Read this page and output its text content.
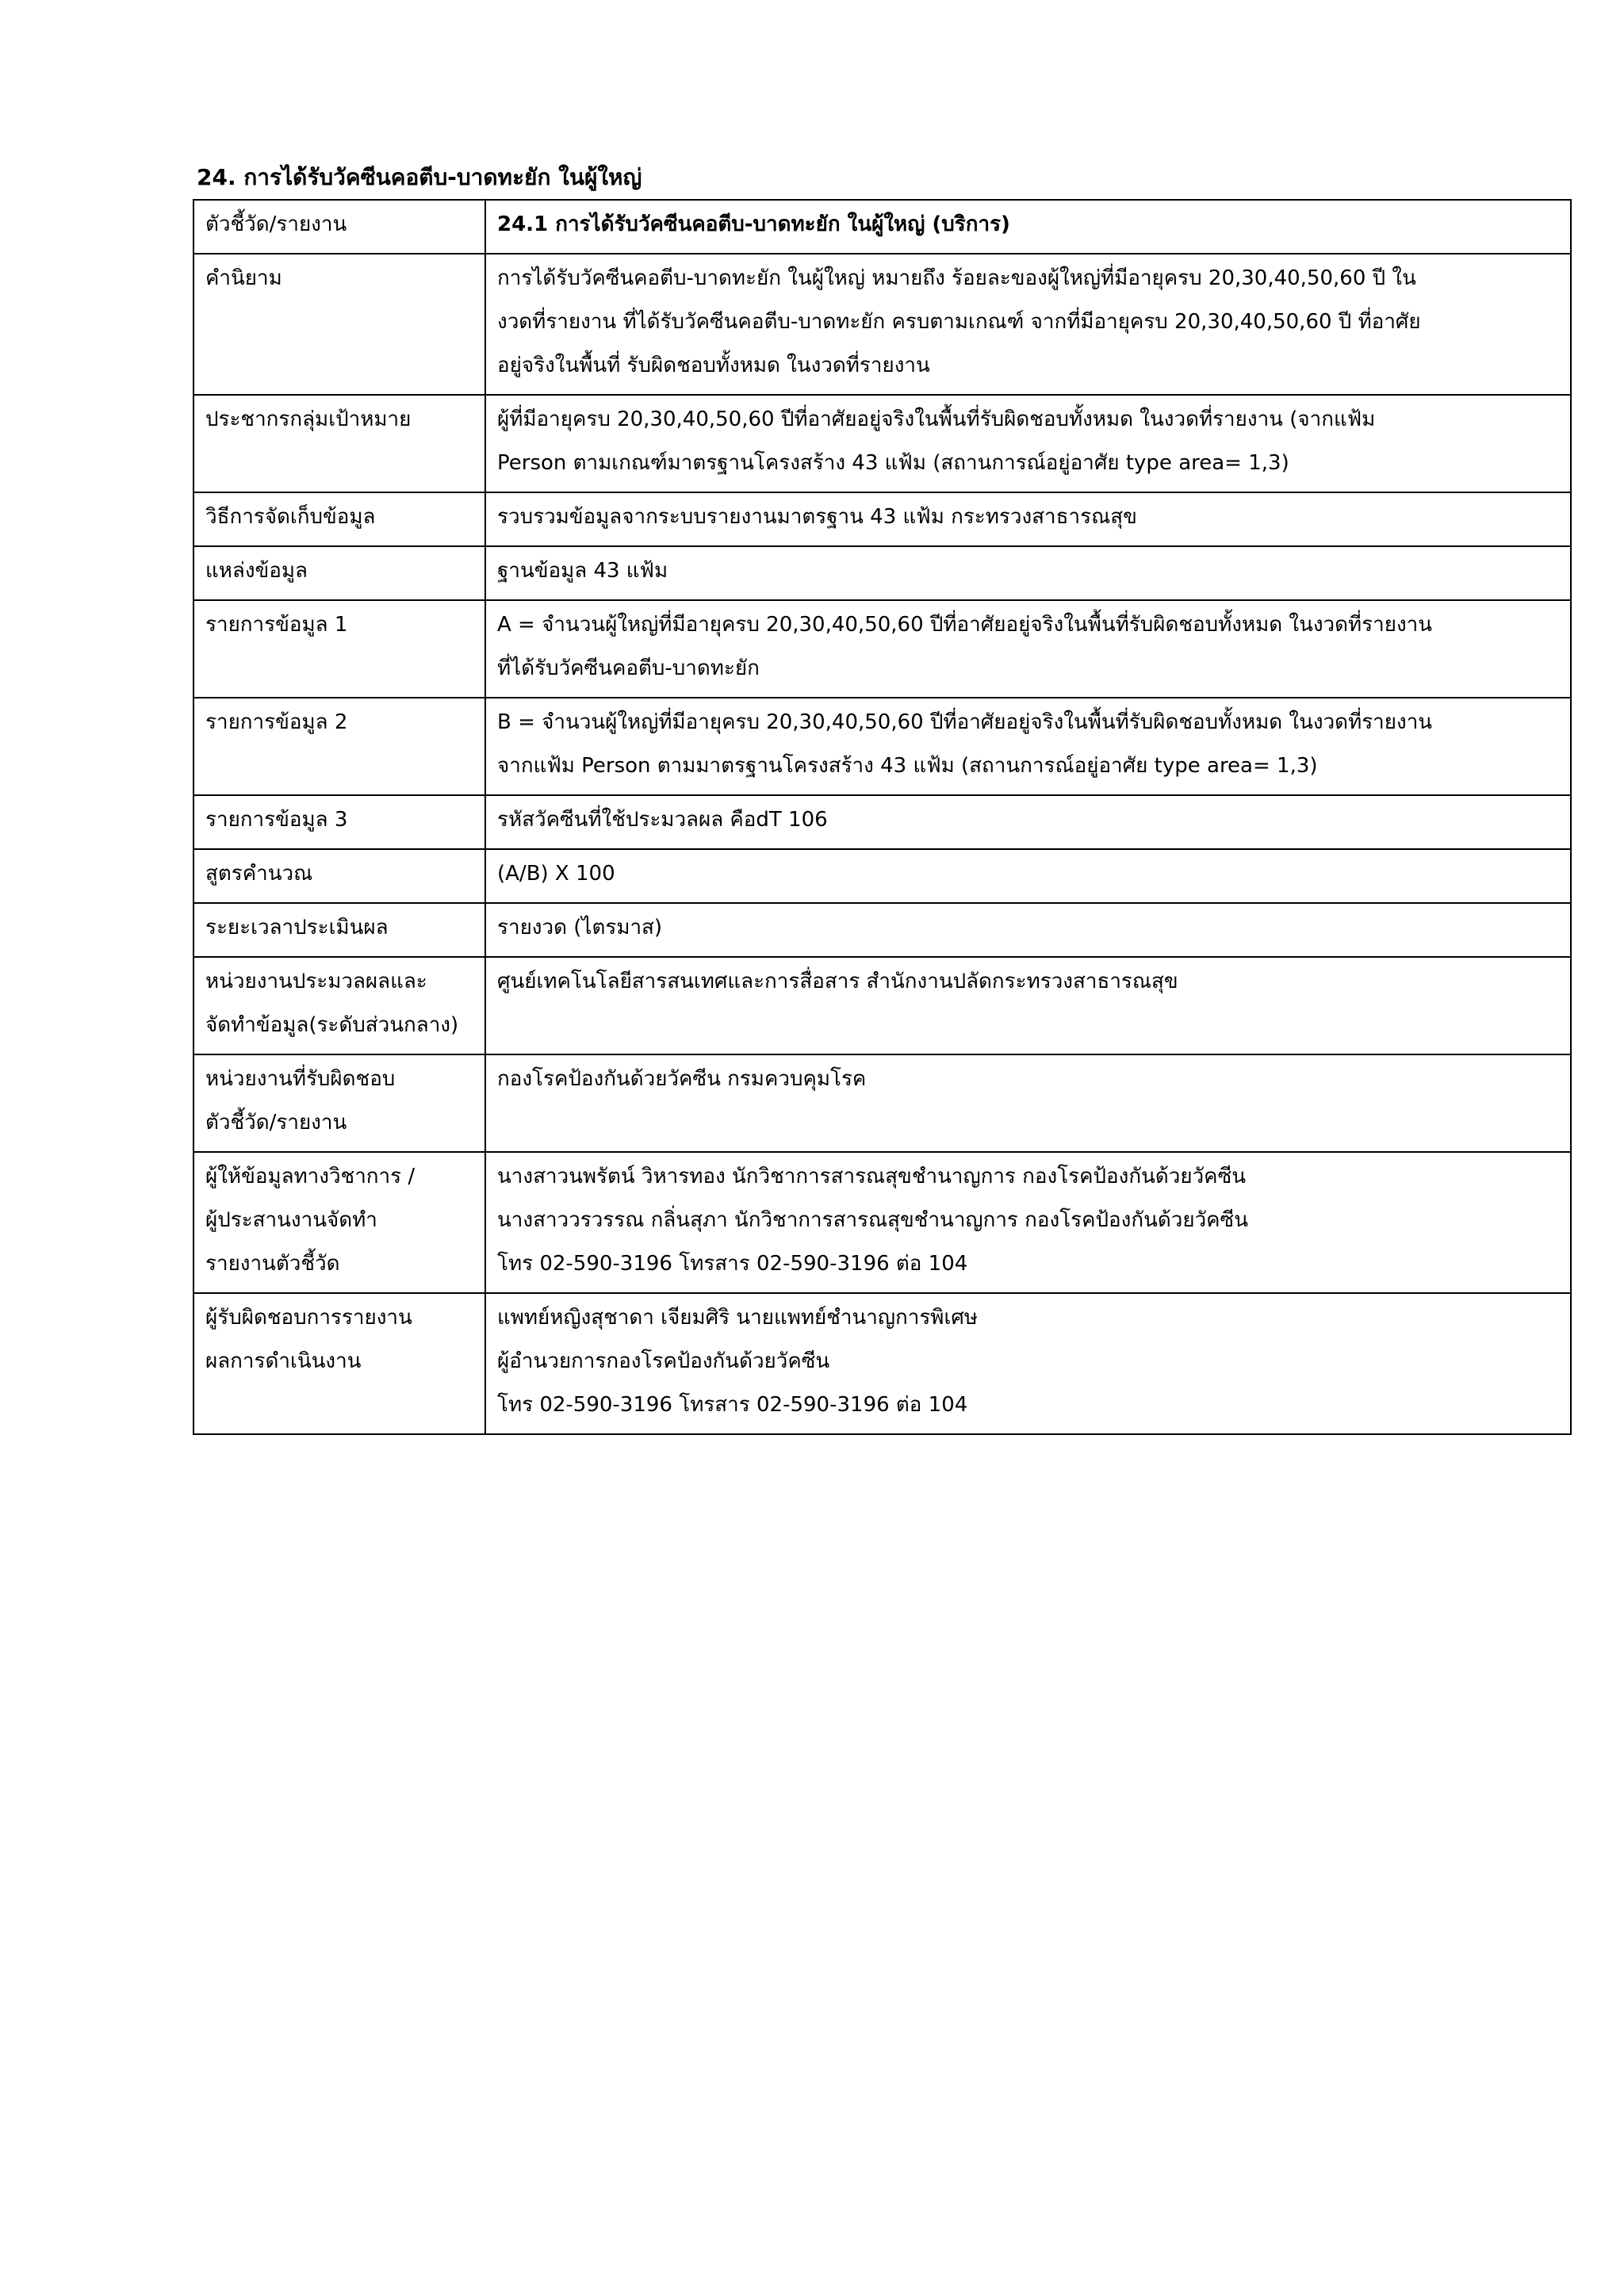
24. การได้รับวัคซีนคอตีบ-บาดทะยัก ในผู้ใหญ่
ตัวชี้วัด/รายงาน	24.1 การได้รับวัคซีนคอตีบ-บาดทะยัก ในผู้ใหญ่ (บริการ)

คำนิยาม	การได้รับวัคซีนคอตีบ-บาดทะยัก ในผู้ใหญ่ หมายถึง ร้อยละของผู้ใหญ่ที่มีอายุครบ 20,30,40,50,60 ปี ใน
งวดที่รายงาน ที่ได้รับวัคซีนคอตีบ-บาดทะยัก ครบตามเกณฑ์ จากที่มีอายุครบ 20,30,40,50,60 ปี ที่อาศัย
อยู่จริงในพื้นที่ รับผิดชอบทั้งหมด ในงวดที่รายงาน

ประชากรกลุ่มเป้าหมาย	ผู้ที่มีอายุครบ 20,30,40,50,60 ปีที่อาศัยอยู่จริงในพื้นที่รับผิดชอบทั้งหมด ในงวดที่รายงาน (จากแฟ้ม
Person ตามเกณฑ์มาตรฐานโครงสร้าง 43 แฟ้ม (สถานการณ์อยู่อาศัย type area= 1,3)

วิธีการจัดเก็บข้อมูล	รวบรวมข้อมูลจากระบบรายงานมาตรฐาน 43 แฟ้ม กระทรวงสาธารณสุข

แหล่งข้อมูล	ฐานข้อมูล 43 แฟ้ม

รายการข้อมูล 1	A = จำนวนผู้ใหญ่ที่มีอายุครบ 20,30,40,50,60 ปีที่อาศัยอยู่จริงในพื้นที่รับผิดชอบทั้งหมด ในงวดที่รายงาน
ที่ได้รับวัคซีนคอตีบ-บาดทะยัก

รายการข้อมูล 2	B = จำนวนผู้ใหญ่ที่มีอายุครบ 20,30,40,50,60 ปีที่อาศัยอยู่จริงในพื้นที่รับผิดชอบทั้งหมด ในงวดที่รายงาน
จากแฟ้ม Person ตามมาตรฐานโครงสร้าง 43 แฟ้ม (สถานการณ์อยู่อาศัย type area= 1,3)

รายการข้อมูล 3	รหัสวัคซีนที่ใช้ประมวลผล คือdT 106

สูตรคำนวณ	(A/B) X 100

ระยะเวลาประเมินผล	รายงวด (ไตรมาส)

หน่วยงานประมวลผลและ
จัดทำข้อมูล(ระดับส่วนกลาง)	ศูนย์เทคโนโลยีสารสนเทศและการสื่อสาร สำนักงานปลัดกระทรวงสาธารณสุข

หน่วยงานที่รับผิดชอบ
ตัวชี้วัด/รายงาน	กองโรคป้องกันด้วยวัคซีน กรมควบคุมโรค

ผู้ให้ข้อมูลทางวิชาการ /
ผู้ประสานงานจัดทำ
รายงานตัวชี้วัด	นางสาวนพรัตน์ วิหารทอง นักวิชาการสารณสุขชำนาญการ กองโรคป้องกันด้วยวัคซีน
นางสาววรวรรณ กลิ่นสุภา นักวิชาการสารณสุขชำนาญการ กองโรคป้องกันด้วยวัคซีน
โทร 02-590-3196 โทรสาร 02-590-3196 ต่อ 104

ผู้รับผิดชอบการรายงาน
ผลการดำเนินงาน	แพทย์หญิงสุชาดา เจียมศิริ นายแพทย์ชำนาญการพิเศษ
ผู้อำนวยการกองโรคป้องกันด้วยวัคซีน
โทร 02-590-3196 โทรสาร 02-590-3196 ต่อ 104
